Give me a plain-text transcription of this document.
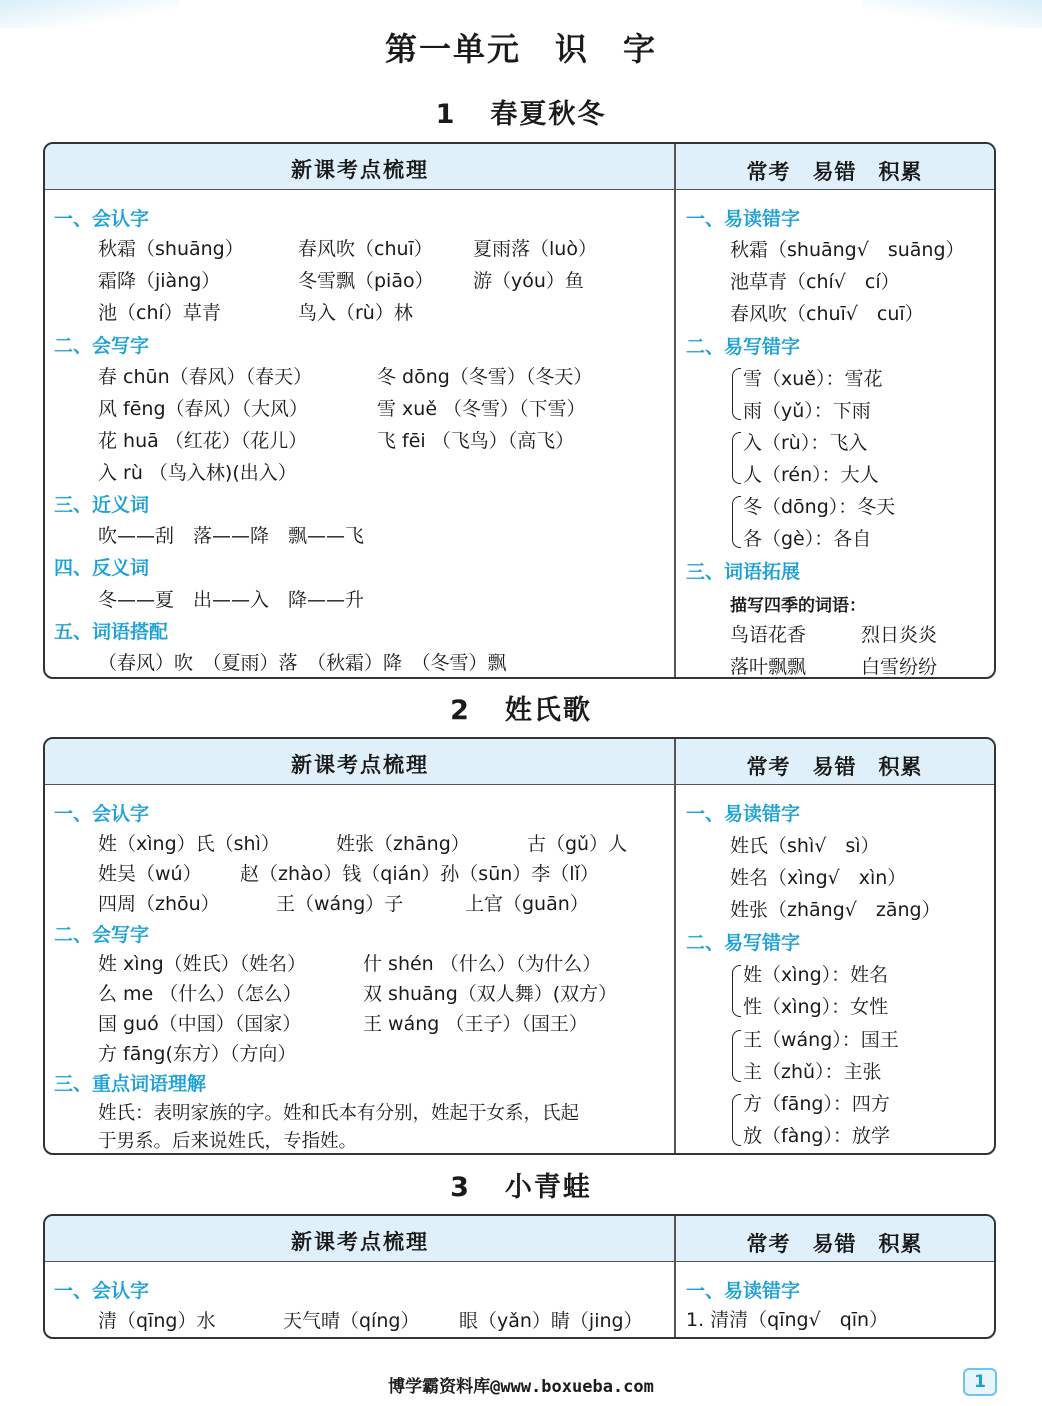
第一单元　识　字
1 春夏秋冬
新课考点梳理	常考　易错　积累
一、会认字
秋霜（shuāng）	春风吹（chuī） 夏雨落（luò）
霜降（jiàng）	冬雪飘（piāo） 游（yóu）鱼
池（chí）草青	鸟入（rù）林
二、会写字
春 chūn（春风）（春天）	冬 dōng（冬雪）（冬天）
风 fēng（春风）（大风）	雪 xuě （冬雪）（下雪）
花 huā （红花）（花儿）	飞 fēi （飞鸟）（高飞）
入 rù （鸟入林)(出入）
三、近义词
吹——刮　落——降　飘——飞
四、反义词
冬——夏　出——入　降——升
五、词语搭配
（春风）吹　（夏雨）落　（秋霜）降　（冬雪）飘
一、易读错字
秋霜（shuāng√　suāng）
池草青（chí√　cí）
春风吹（chuī√　cuī）
二、易写错字
雪（xuě）：雪花
雨（yǔ）：下雨
入（rù）：飞入
人（rén）：大人
冬（dōng）：冬天
各（gè）：各自
三、词语拓展
描写四季的词语：
鸟语花香	烈日炎炎
落叶飘飘	白雪纷纷
2 姓氏歌
新课考点梳理	常考　易错　积累
一、会认字
姓（xìng）氏（shì）	姓张（zhāng）	古（gǔ）人
姓吴（wú） 赵（zhào）钱（qián）孙（sūn）李（lǐ）
四周（zhōu）	王（wáng）子	上官（guān）
二、会写字
姓 xìng（姓氏）（姓名）	什 shén （什么）（为什么）
么 me （什么）（怎么）	双 shuāng（双人舞）(双方）
国 guó（中国）（国家）	王 wáng （王子）（国王）
方 fāng(东方）（方向）
三、重点词语理解
姓氏：表明家族的字。姓和氏本有分别，姓起于女系，氏起
于男系。后来说姓氏，专指姓。
一、易读错字
姓氏（shì√　sì）
姓名（xìng√　xìn）
姓张（zhāng√　zāng）
二、易写错字
姓（xìng）：姓名
性（xìng）：女性
王（wáng）：国王
主（zhǔ）：主张
方（fāng）：四方
放（fàng）：放学
3 小青蛙
新课考点梳理	常考　易错　积累
一、会认字
清（qīng）水	天气晴（qíng） 眼（yǎn）睛（jing）
一、易读错字
1. 清清（qīng√　qīn）
博学霸资料库@www.boxueba.com	1
